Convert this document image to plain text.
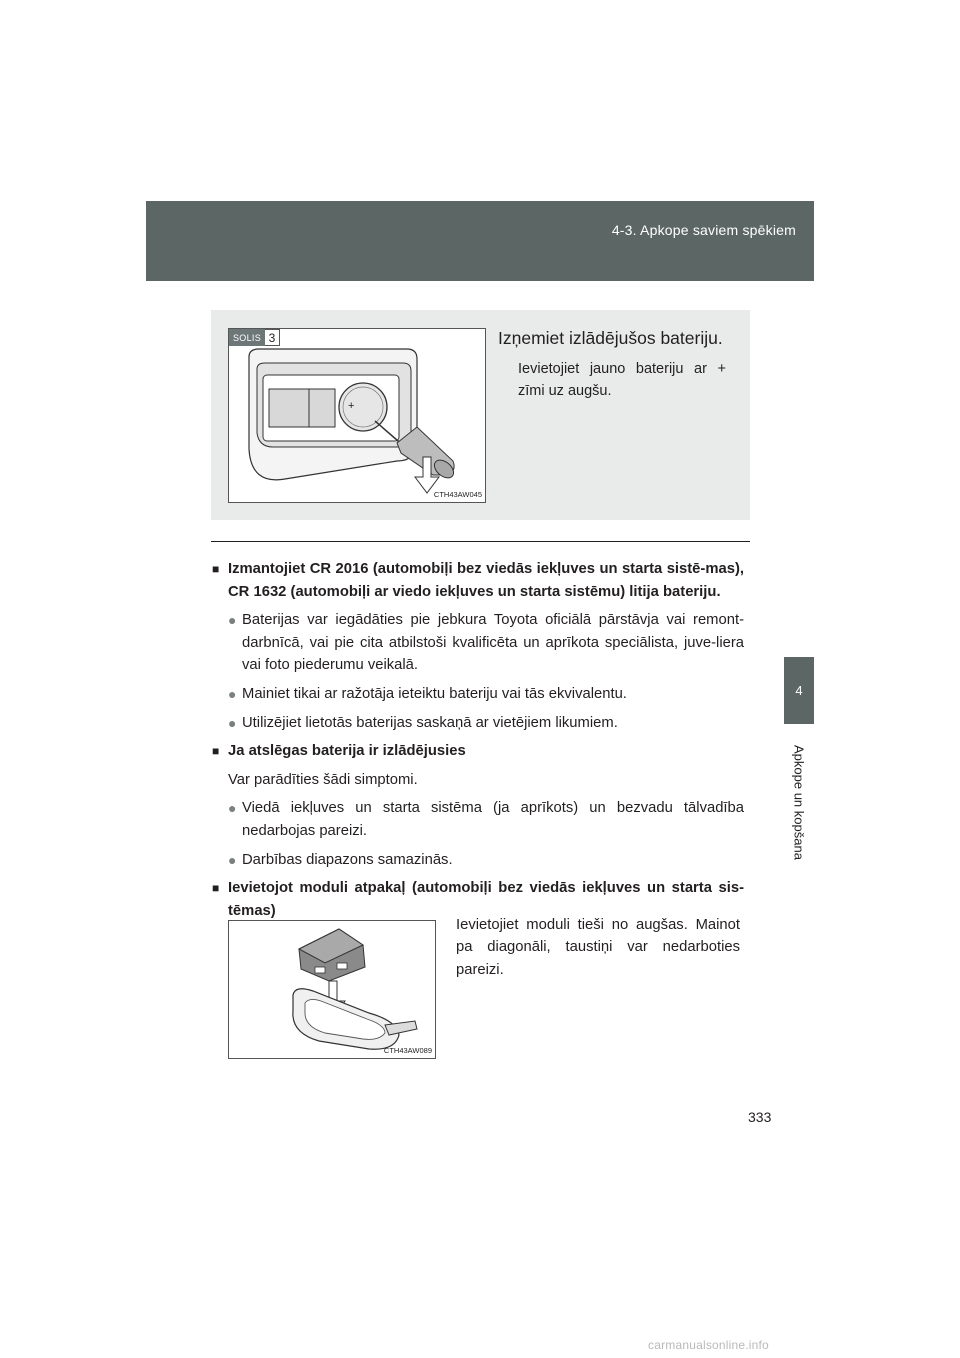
4-3. Apkope saviem spēkiem
4
Apkope un kopšana
SOLIS 3
+
CTH43AW045
Izņemiet izlādējušos bateriju.
Ievietojiet jauno bateriju ar + zīmi uz augšu.
■ Izmantojiet CR 2016 (automobiļi bez viedās iekļuves un starta sistē-mas), CR 1632 (automobiļi ar viedo iekļuves un starta sistēmu) litija bateriju.
● Baterijas var iegādāties pie jebkura Toyota oficiālā pārstāvja vai remont-darbnīcā, vai pie cita atbilstoši kvalificēta un aprīkota speciālista, juve-liera vai foto piederumu veikalā.
● Mainiet tikai ar ražotāja ieteiktu bateriju vai tās ekvivalentu.
● Utilizējiet lietotās baterijas saskaņā ar vietējiem likumiem.
■ Ja atslēgas baterija ir izlādējusies
Var parādīties šādi simptomi.
● Viedā iekļuves un starta sistēma (ja aprīkots) un bezvadu tālvadība nedarbojas pareizi.
● Darbības diapazons samazinās.
■ Ievietojot moduli atpakaļ (automobiļi bez viedās iekļuves un starta sis-tēmas)
CTH43AW089
Ievietojiet moduli tieši no augšas. Mainot pa diagonāli, taustiņi var nedarboties pareizi.
333
carmanualsonline.info
